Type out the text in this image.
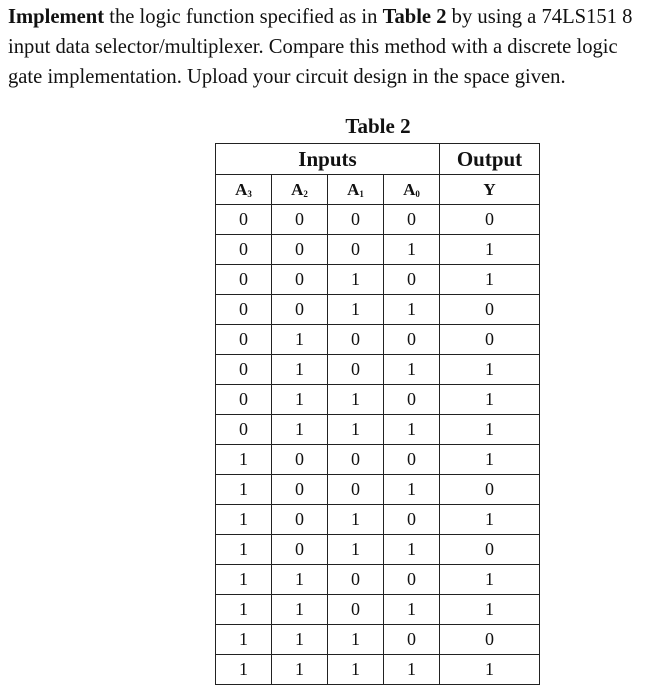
Implement the logic function specified as in Table 2 by using a 74LS151 8 input data selector/multiplexer. Compare this method with a discrete logic gate implementation. Upload your circuit design in the space given.

Table 2
Inputs				Output
$A_3$	$A_2$	$A_1$	$A_0$	Y
0	0	0	0	0
0	0	0	1	1
0	0	1	0	1
0	0	1	1	0
0	1	0	0	0
0	1	0	1	1
0	1	1	0	1
0	1	1	1	1
1	0	0	0	1
1	0	0	1	0
1	0	1	0	1
1	0	1	1	0
1	1	0	0	1
1	1	0	1	1
1	1	1	0	0
1	1	1	1	1
